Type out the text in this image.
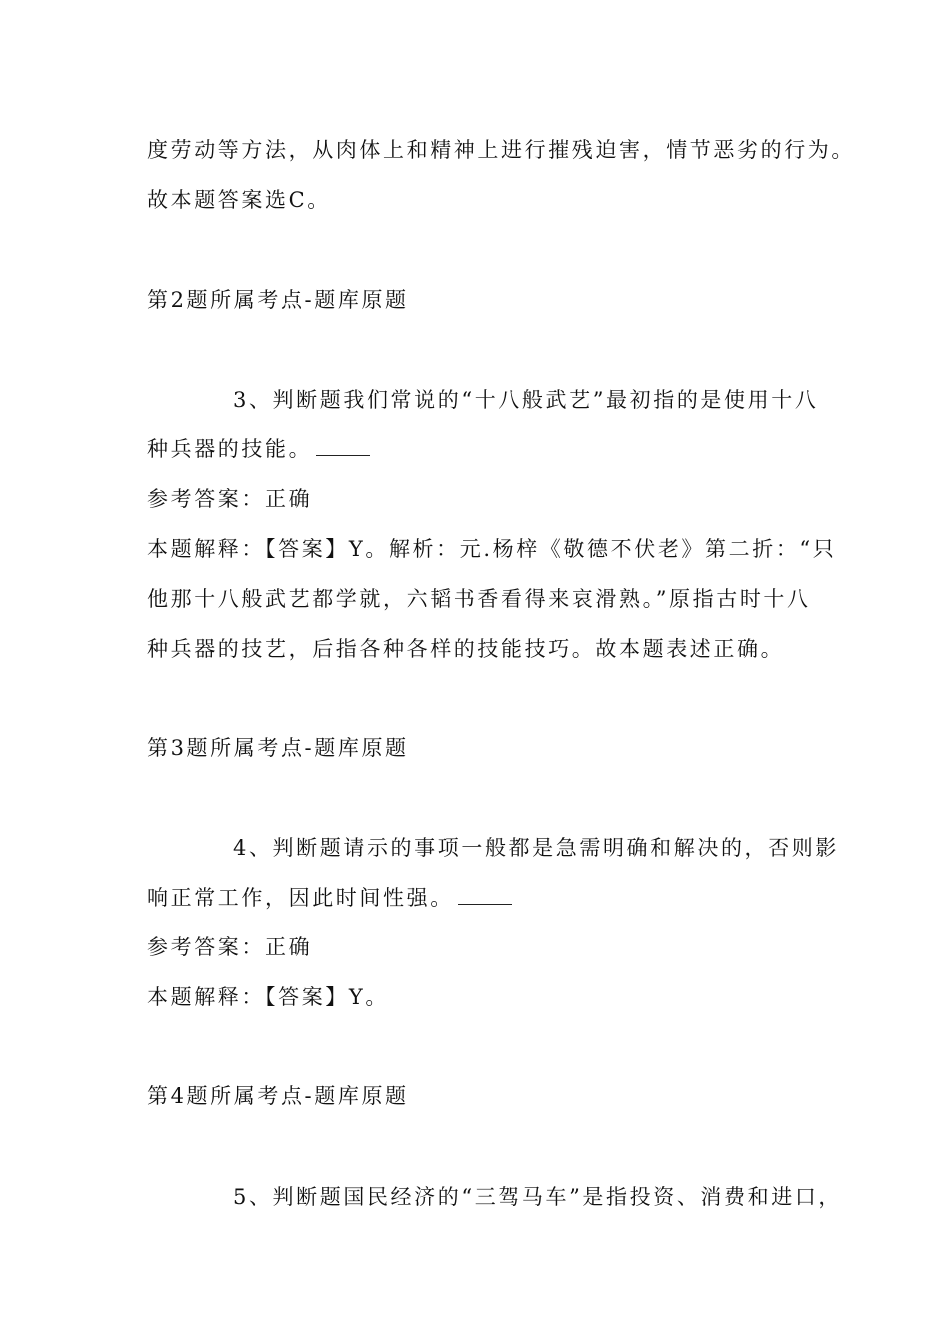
度劳动等方法，从肉体上和精神上进行摧残迫害，情节恶劣的行为。
故本题答案选C。
第2题所属考点-题库原题
3、判断题我们常说的“十八般武艺”最初指的是使用十八
种兵器的技能。
参考答案：正确
本题解释：【答案】Y。解析：元.杨梓《敬德不伏老》第二折：“只
他那十八般武艺都学就，六韬书香看得来哀滑熟。”原指古时十八
种兵器的技艺，后指各种各样的技能技巧。故本题表述正确。
第3题所属考点-题库原题
4、判断题请示的事项一般都是急需明确和解决的，否则影
响正常工作，因此时间性强。
参考答案：正确
本题解释：【答案】Y。
第4题所属考点-题库原题
5、判断题国民经济的“三驾马车”是指投资、消费和进口，
